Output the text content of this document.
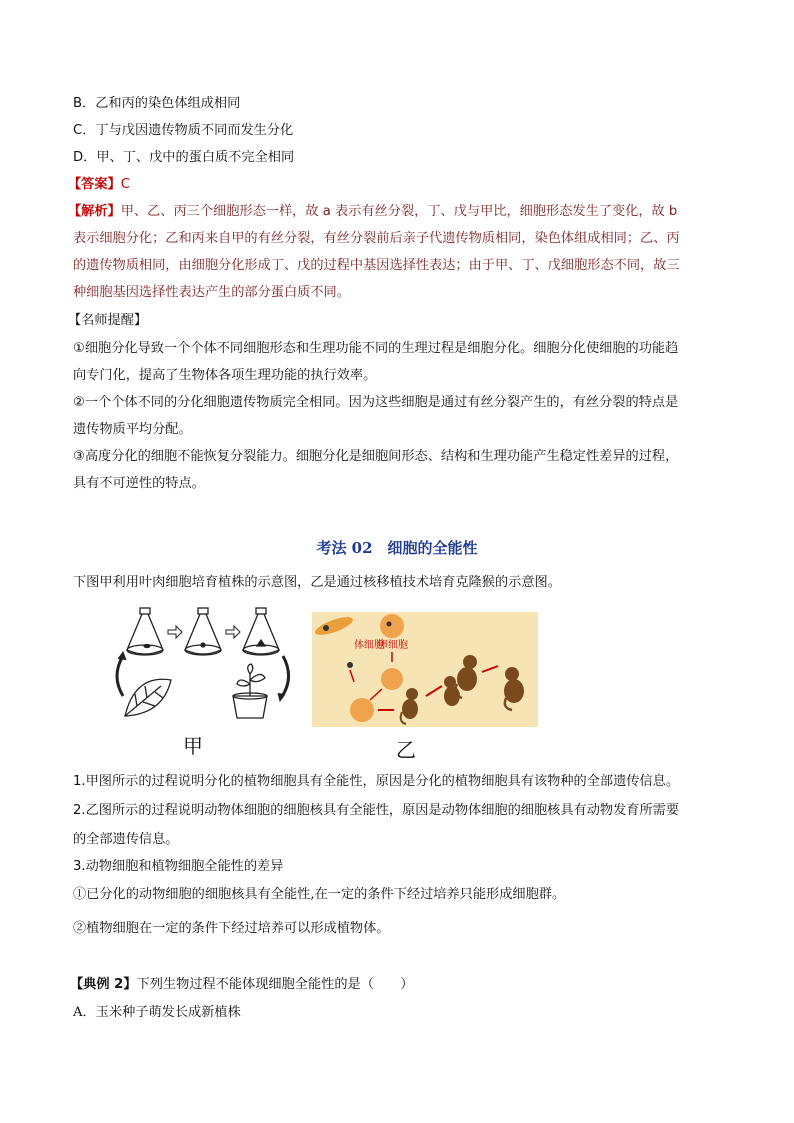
B．乙和丙的染色体组成相同
C．丁与戊因遗传物质不同而发生分化
D．甲、丁、戊中的蛋白质不完全相同
【答案】C
【解析】甲、乙、丙三个细胞形态一样，故 a 表示有丝分裂，丁、戊与甲比，细胞形态发生了变化，故 b
表示细胞分化；乙和丙来自甲的有丝分裂，有丝分裂前后亲子代遗传物质相同，染色体组成相同；乙、丙
的遗传物质相同，由细胞分化形成丁、戊的过程中基因选择性表达；由于甲、丁、戊细胞形态不同，故三
种细胞基因选择性表达产生的部分蛋白质不同。
【名师提醒】
①细胞分化导致一个个体不同细胞形态和生理功能不同的生理过程是细胞分化。细胞分化使细胞的功能趋
向专门化，提高了生物体各项生理功能的执行效率。
②一个个体不同的分化细胞遗传物质完全相同。因为这些细胞是通过有丝分裂产生的，有丝分裂的特点是
遗传物质平均分配。
③高度分化的细胞不能恢复分裂能力。细胞分化是细胞间形态、结构和生理功能产生稳定性差异的过程，
具有不可逆性的特点。
考法 02　细胞的全能性
下图甲利用叶肉细胞培育植株的示意图，乙是通过核移植技术培育克隆猴的示意图。
甲
体细胞
卵细胞
乙
1.甲图所示的过程说明分化的植物细胞具有全能性，原因是分化的植物细胞具有该物种的全部遗传信息。
2.乙图所示的过程说明动物体细胞的细胞核具有全能性，原因是动物体细胞的细胞核具有动物发育所需要
的全部遗传信息。
3.动物细胞和植物细胞全能性的差异
①已分化的动物细胞的细胞核具有全能性,在一定的条件下经过培养只能形成细胞群。
②植物细胞在一定的条件下经过培养可以形成植物体。
【典例 2】下列生物过程不能体现细胞全能性的是（　　）
A．玉米种子萌发长成新植株
